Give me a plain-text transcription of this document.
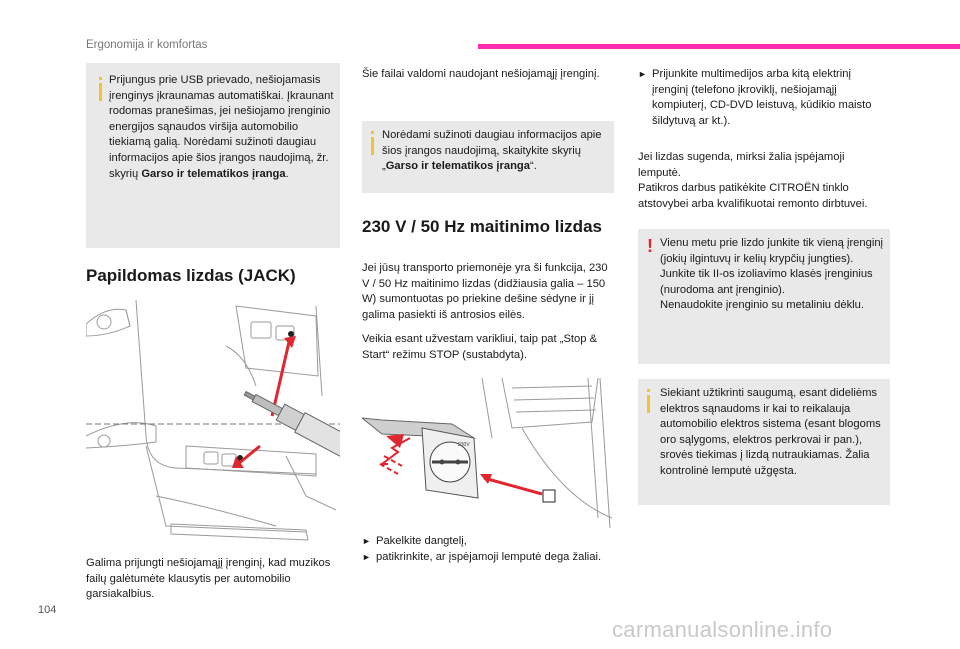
Ergonomija ir komfortas

Prijungus prie USB prievado, nešiojamasis įrenginys įkraunamas automatiškai. Įkraunant rodomas pranešimas, jei nešiojamo įrenginio energijos sąnaudos viršija automobilio tiekiamą galią. Norėdami sužinoti daugiau informacijos apie šios įrangos naudojimą, žr. skyrių Garso ir telematikos įranga.

Papildomas lizdas (JACK)

Galima prijungti nešiojamąjį įrenginį, kad muzikos failų galėtumėte klausytis per automobilio garsiakalbius.

Šie failai valdomi naudojant nešiojamąjį įrenginį.

Norėdami sužinoti daugiau informacijos apie šios įrangos naudojimą, skaitykite skyrių „Garso ir telematikos įranga“.

230 V / 50 Hz maitinimo lizdas

Jei jūsų transporto priemonėje yra ši funkcija, 230 V / 50 Hz maitinimo lizdas (didžiausia galia – 150 W) sumontuotas po priekine dešine sėdyne ir jį galima pasiekti iš antrosios eilės.

Veikia esant užvestam varikliui, taip pat „Stop & Start“ režimu STOP (sustabdyta).

230V
► Pakelkite dangtelį,
► patikrinkite, ar įspėjamoji lemputė dega žaliai.
► Prijunkite multimedijos arba kitą elektrinį įrenginį (telefono įkroviklį, nešiojamąjį kompiuterį, CD-DVD leistuvą, kūdikio maisto šildytuvą ar kt.).

Jei lizdas sugenda, mirksi žalia įspėjamoji lemputė.

Patikros darbus patikėkite CITROËN tinklo atstovybei arba kvalifikuotai remonto dirbtuvei.

! Vienu metu prie lizdo junkite tik vieną įrenginį (jokių ilgintuvų ir kelių krypčių jungties).
Junkite tik II-os izoliavimo klasės įrenginius (nurodoma ant įrenginio).
Nenaudokite įrenginio su metaliniu dėklu.

Siekiant užtikrinti saugumą, esant dideliėms elektros sąnaudoms ir kai to reikalauja automobilio elektros sistema (esant blogoms oro sąlygoms, elektros perkrovai ir pan.), srovės tiekimas į lizdą nutraukiamas. Žalia kontrolinė lemputė užgęsta.

104
carmanualsonline.info
